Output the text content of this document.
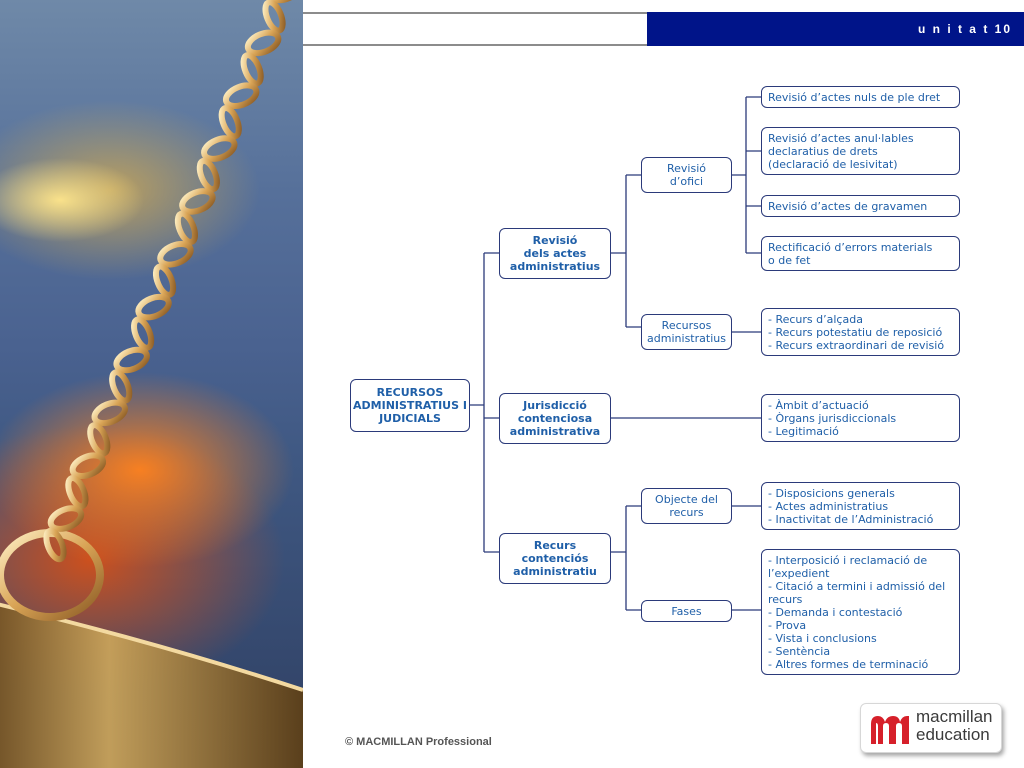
u n i t a t 10
RECURSOS
ADMINISTRATIUS I
JUDICIALS
Revisió
dels actes
administratius
Jurisdicció
contenciosa
administrativa
Recurs
contenciós
administratiu
Revisió
d’ofici
Recursos
administratius
Objecte del
recurs
Fases
Revisió d’actes nuls de ple dret
Revisió d’actes anul·lables
declaratius de drets
(declaració de lesivitat)
Revisió d’actes de gravamen
Rectificació d’errors materials
o de fet
- Recurs d’alçada
- Recurs potestatiu de reposició
- Recurs extraordinari de revisió
- Àmbit d’actuació
- Òrgans jurisdiccionals
- Legitimació
- Disposicions generals
- Actes administratius
- Inactivitat de l’Administració
- Interposició i reclamació de
l’expedient
- Citació a termini i admissió del
recurs
- Demanda i contestació
- Prova
- Vista i conclusions
- Sentència
- Altres formes de terminació
© MACMILLAN Professional
macmillan
education
